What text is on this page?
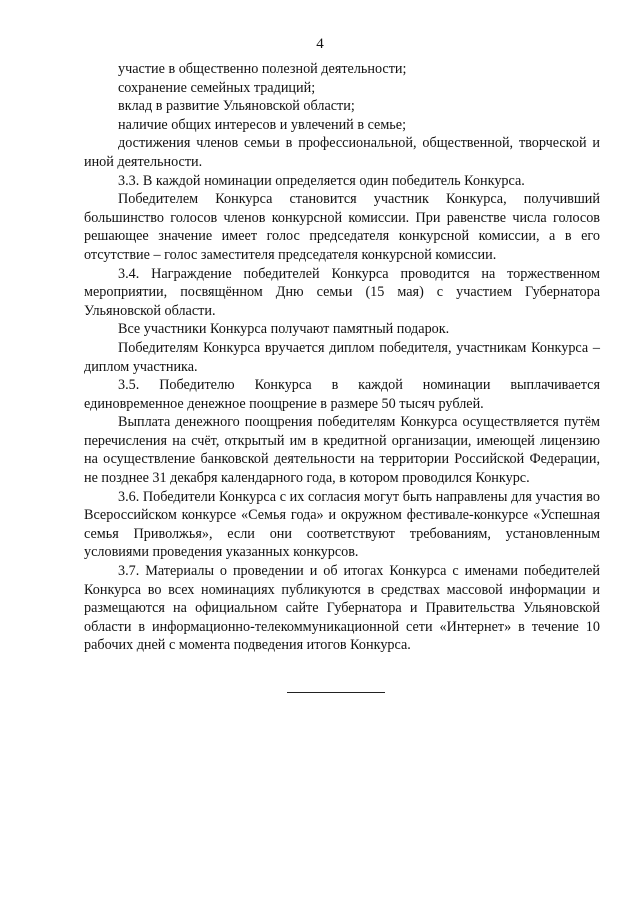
4

участие в общественно полезной деятельности;

сохранение семейных традиций;

вклад в развитие Ульяновской области;

наличие общих интересов и увлечений в семье;

достижения членов семьи в профессиональной, общественной, творческой и иной деятельности.

3.3. В каждой номинации определяется один победитель Конкурса.

Победителем Конкурса становится участник Конкурса, получивший большинство голосов членов конкурсной комиссии. При равенстве числа голосов решающее значение имеет голос председателя конкурсной комиссии, а в его отсутствие – голос заместителя председателя конкурсной комиссии.

3.4. Награждение победителей Конкурса проводится на торжественном мероприятии, посвящённом Дню семьи (15 мая) с участием Губернатора Ульяновской области.

Все участники Конкурса получают памятный подарок.

Победителям Конкурса вручается диплом победителя, участникам Конкурса – диплом участника.

3.5. Победителю Конкурса в каждой номинации выплачивается единовременное денежное поощрение в размере 50 тысяч рублей.

Выплата денежного поощрения победителям Конкурса осуществляется путём перечисления на счёт, открытый им в кредитной организации, имеющей лицензию на осуществление банковской деятельности на территории Российской Федерации, не позднее 31 декабря календарного года, в котором проводился Конкурс.

3.6. Победители Конкурса с их согласия могут быть направлены для участия во Всероссийском конкурсе «Семья года» и окружном фестивале-конкурсе «Успешная семья Приволжья», если они соответствуют требованиям, установленным условиями проведения указанных конкурсов.

3.7. Материалы о проведении и об итогах Конкурса с именами победителей Конкурса во всех номинациях публикуются в средствах массовой информации и размещаются на официальном сайте Губернатора и Правительства Ульяновской области в информационно-телекоммуникационной сети «Интернет» в течение 10 рабочих дней с момента подведения итогов Конкурса.
